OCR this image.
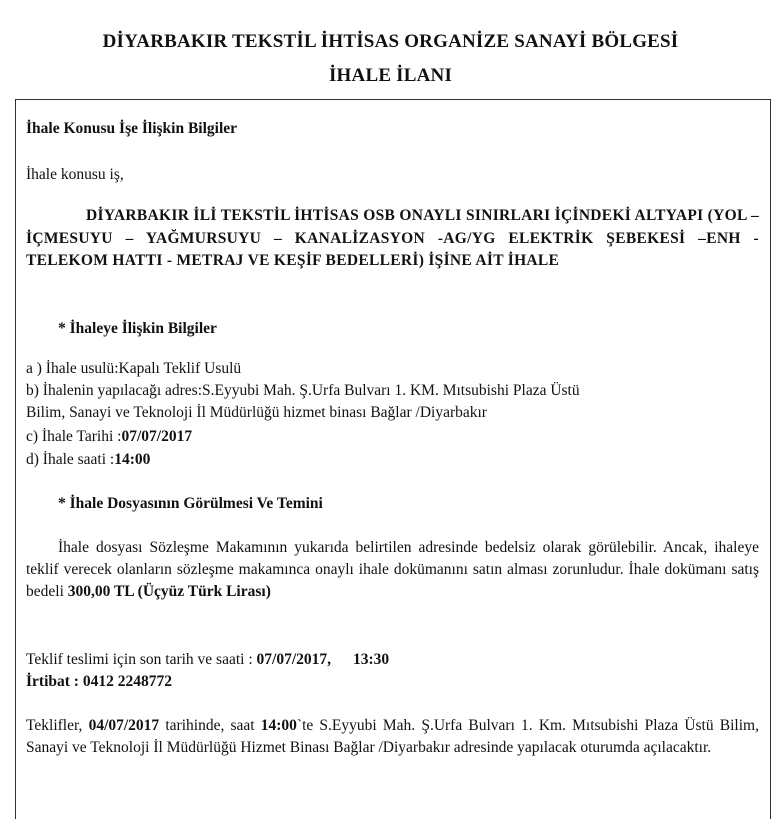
DİYARBAKIR TEKSTİL İHTİSAS ORGANİZE SANAYİ BÖLGESİ
İHALE İLANI

İhale Konusu İşe İlişkin Bilgiler

İhale konusu iş,

DİYARBAKIR İLİ TEKSTİL İHTİSAS OSB ONAYLI SINIRLARI İÇİNDEKİ ALTYAPI (YOL – İÇMESUYU – YAĞMURSUYU – KANALİZASYON -AG/YG ELEKTRİK ŞEBEKESİ –ENH - TELEKOM HATTI - METRAJ VE KEŞİF BEDELLERİ) İŞİNE AİT İHALE

* İhaleye İlişkin Bilgiler

a ) İhale usulü:Kapalı Teklif Usulü
b) İhalenin yapılacağı adres:S.Eyyubi Mah. Ş.Urfa Bulvarı 1. KM. Mıtsubishi Plaza Üstü
Bilim, Sanayi ve Teknoloji İl Müdürlüğü hizmet binası Bağlar /Diyarbakır
c) İhale Tarihi :07/07/2017
d) İhale saati :14:00

* İhale Dosyasının Görülmesi Ve Temini

İhale dosyası Sözleşme Makamının yukarıda belirtilen adresinde bedelsiz olarak görülebilir. Ancak, ihaleye teklif verecek olanların sözleşme makamınca onaylı ihale dokümanını satın alması zorunludur. İhale dokümanı satış bedeli 300,00 TL (Üçyüz Türk Lirası)

Teklif teslimi için son tarih ve saati : 07/07/2017, 13:30
İrtibat : 0412 2248772

Teklifler, 04/07/2017 tarihinde, saat 14:00`te S.Eyyubi Mah. Ş.Urfa Bulvarı 1. Km. Mıtsubishi Plaza Üstü Bilim, Sanayi ve Teknoloji İl Müdürlüğü Hizmet Binası Bağlar /Diyarbakır adresinde yapılacak oturumda açılacaktır.
